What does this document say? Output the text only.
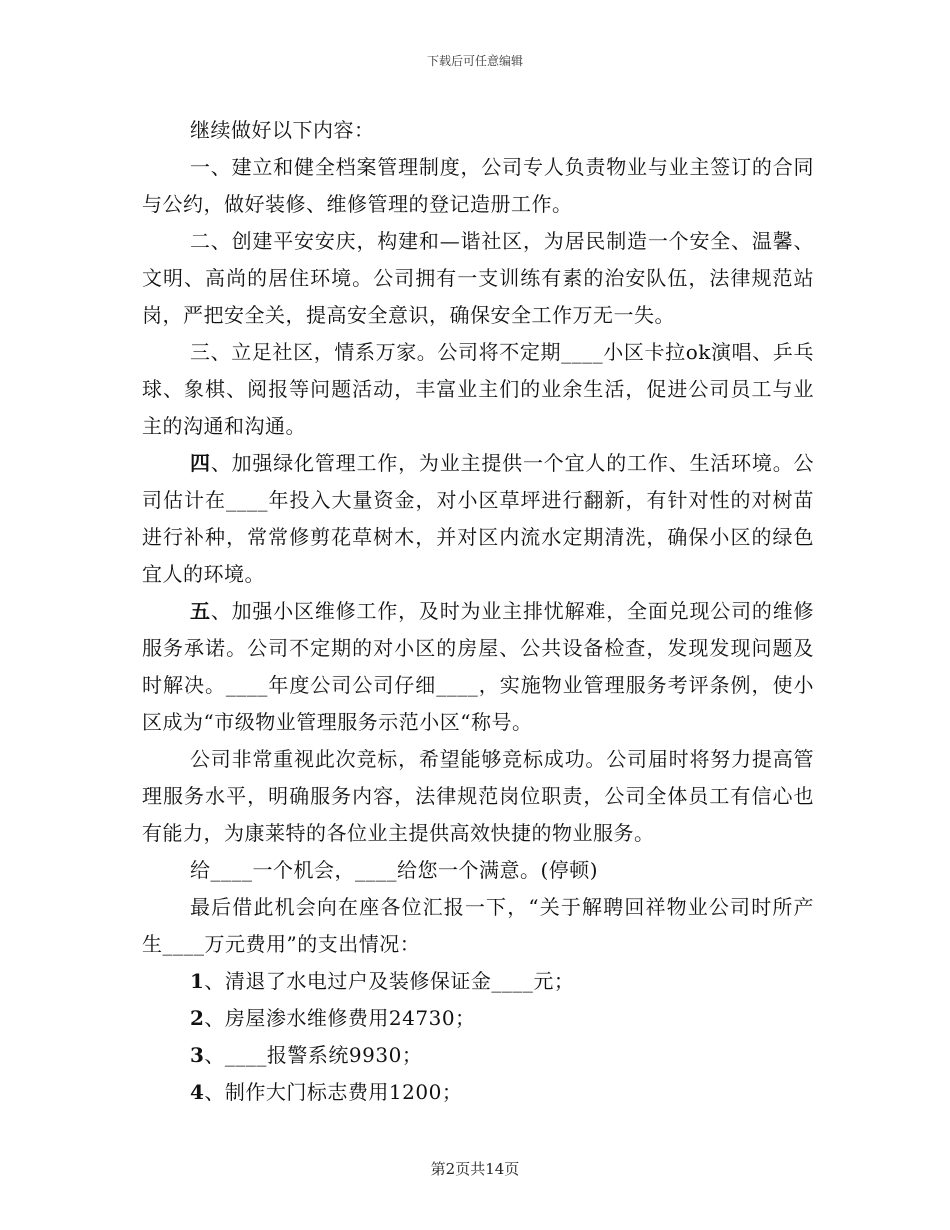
下载后可任意编辑

继续做好以下内容：

一、建立和健全档案管理制度，公司专人负责物业与业主签订的合同与公约，做好装修、维修管理的登记造册工作。

二、创建平安安庆，构建和—谐社区，为居民制造一个安全、温馨、文明、高尚的居住环境。公司拥有一支训练有素的治安队伍，法律规范站岗，严把安全关，提高安全意识，确保安全工作万无一失。

三、立足社区，情系万家。公司将不定期____小区卡拉ok演唱、乒乓球、象棋、阅报等问题活动，丰富业主们的业余生活，促进公司员工与业主的沟通和沟通。

四、加强绿化管理工作，为业主提供一个宜人的工作、生活环境。公司估计在____年投入大量资金，对小区草坪进行翻新，有针对性的对树苗进行补种，常常修剪花草树木，并对区内流水定期清洗，确保小区的绿色宜人的环境。

五、加强小区维修工作，及时为业主排忧解难，全面兑现公司的维修服务承诺。公司不定期的对小区的房屋、公共设备检查，发现发现问题及时解决。____年度公司公司仔细____，实施物业管理服务考评条例，使小区成为“市级物业管理服务示范小区“称号。

公司非常重视此次竞标，希望能够竞标成功。公司届时将努力提高管理服务水平，明确服务内容，法律规范岗位职责，公司全体员工有信心也有能力，为康莱特的各位业主提供高效快捷的物业服务。

给____一个机会，____给您一个满意。(停顿)

最后借此机会向在座各位汇报一下，“关于解聘回祥物业公司时所产生____万元费用”的支出情况：

1、清退了水电过户及装修保证金____元；

2、房屋渗水维修费用24730；

3、____报警系统9930；

4、制作大门标志费用1200；

第2页共14页
